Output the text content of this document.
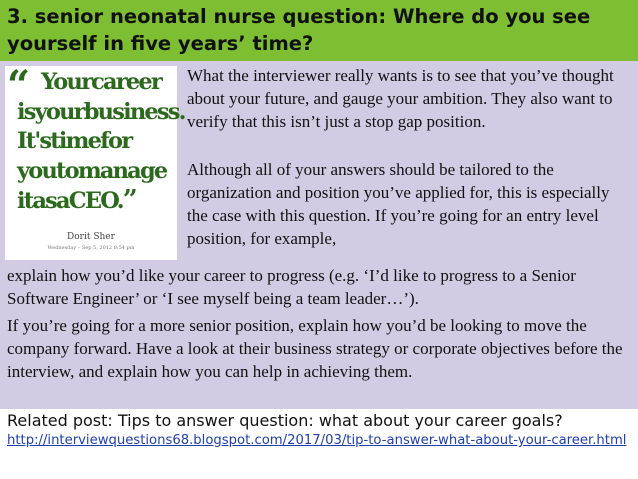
3. senior neonatal nurse question: Where do you see
yourself in five years’ time?
“ Yourcareer
isyourbusiness.
It'stimefor
youtomanage
itasaCEO.”
Dorit Sher
Wednesday – Sep 5, 2012 8:54 pm

What the interviewer really wants is to see that you’ve thought about your future, and gauge your ambition. They also want to verify that this isn’t just a stop gap position.

Although all of your answers should be tailored to the organization and position you’ve applied for, this is especially the case with this question. If you’re going for an entry level position, for example,

explain how you’d like your career to progress (e.g. ‘I’d like to progress to a Senior Software Engineer’ or ‘I see myself being a team leader…’).

If you’re going for a more senior position, explain how you’d be looking to move the company forward. Have a look at their business strategy or corporate objectives before the interview, and explain how you can help in achieving them.

Related post: Tips to answer question: what about your career goals?
http://interviewquestions68.blogspot.com/2017/03/tip-to-answer-what-about-your-career.html
